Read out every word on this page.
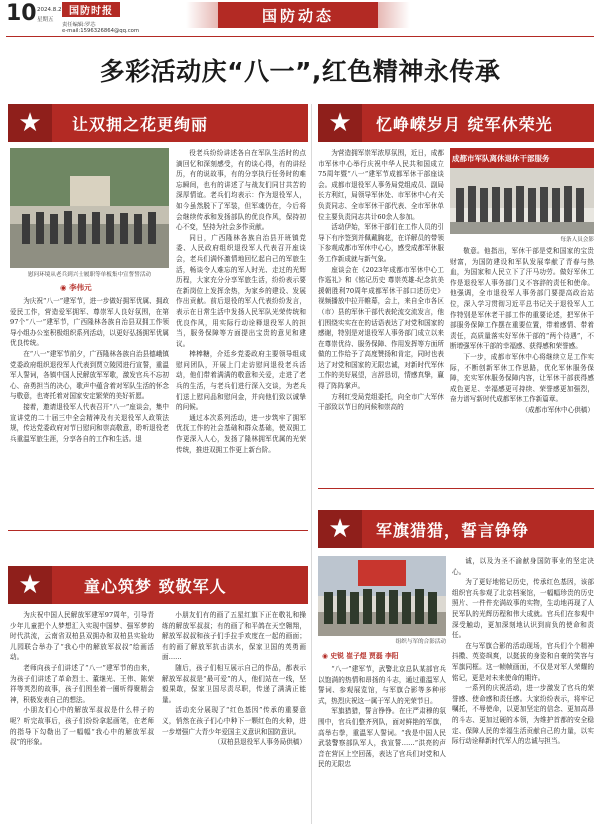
10 2024.8.2
星期五
国防时报
责任编辑:罗芯
e-mail:1596326864@qq.com
国防动态
多彩活动庆“八一”,红色精神永传承
★ 让双拥之花更绚丽
慰问环境从老兵到兴士履职等单板集中宣誓誓活动
◉ 李伟元

为庆祝“八一”建军节，进一步做好拥军优属、拥政爱民工作，营造爱军拥军、尊崇军人良好氛围，在第97个“八一”建军节，广西隆林各族自治县双拥工作领导小组办公室积极组织系列活动，以更好弘扬拥军优属优良传统。

在“八一”建军节前夕，广西隆林各族自治县德峨镇党委政府组织退役军人代表到贾立陵园进行宣誓，重温军人誓词，各镇中国人民解放军军歌，激发官兵不忘初心、奋勇担当的决心，歌声中蕴含着对军队生活的怀念与敬意，也寄托着对国家安定繁荣的美好祈愿。

接着，邀请退役军人代表召开“八一”座谈会，集中宣讲党的二十届三中全会精神及有关退役军人政策法规，传达党委政府对节日慰问和崇高敬意，聆听退役老兵重温军旅生涯，分享各自的工作和生活。退

役老兵纷纷讲述各自在军队生活时的点滴回忆和深刻感受，有的谈心得，有的讲经历，有的说故事，有的分享执行任务时的难忘瞬间，也有的讲述了与战友们同甘共苦的深厚情谊。老兵们均表示：作为退役军人，如今虽然脱下了军装，但军魂仍在，今后将会继续传承和发扬部队的优良作风，保持初心不变，坚持为社会多作贡献。

同日，广西隆林各族自治县开班镇党委、人民政府组织退役军人代表召开座谈会，老兵们满怀激情地回忆起自己的军旅生活，畅谈令人难忘的军人时光、走过的光辉历程，大家充分分享军旅生活，纷纷表示要在新岗位上发挥余热，为家乡的建设、发展作出贡献。前后退役的军人代表纷纷发言，表示在日常生活中发扬人民军队光荣传统和优良作风，用实际行动诠释退役军人的担当，服务保障等方面提出宝贵的意见和建议。

棒棒糖，介廷乡党委政府主要领导组成慰问团队，开展上门走访慰问退役老兵活动，他们带着满满的敬意和关爱，走进了老兵的生活，与老兵们进行深入交谈，为老兵们送上慰问品和慰问金，并向他们致以诚挚的问候。

通过本次系列活动，进一步筑牢了拥军优抚工作的社会基础和群众基础，使双拥工作更深入人心，发扬了隆林拥军优属的光荣传统，推进双拥工作更上新台阶。

★ 忆峥嵘岁月 绽军休荣光
成都市军队离休退休干部服务
每条人员会影

为营造拥军崇军浓厚氛围，近日，成都市军休中心举行庆祝中华人民共和国成立75周年暨“八一”建军节成都军休干部座谈会。成都市退役军人事务局党组成员、副局长方利红，局领导军休处、市军休中心有关负责同志、全市军休干部代表、全市军休单位主要负责同志共计60余人参加。

活动伊始，军休干部们在工作人员的引导下有序签到并佩戴胸花，在详解员的带领下参观成都市军休中心心，感受成都军休服务工作新成就与新气象。

座谈会在《2023年成都市军休中心工作巡礼》和《铭记历史 尊崇英雄-纪念抗美援朝胜利70周年成都军休干部口述历史》视频播放中拉开帷幕，会上，来自全市各区（市）县的军休干部代表轮流交流发言，他们围绕实实在在的话语表达了对党和国家的感谢，特别是对退役军人事务部门成立以来在尊崇优待、服务保障、作用发挥等方面所做的工作给予了高度赞扬和肯定，同时也表达了对党和国家的无限忠诚，对新时代军休工作的美好展望，言辞恳切，情感真挚，赢得了阵阵掌声。

方利红受局党组委托，向全市广大军休干部致以节日的问候和崇高的

敬意。他指出，军休干部是党和国家的宝贵财富，为国防建设和军队发展奉献了青春与热血，为国家和人民立下了汗马功劳。做好军休工作是退役军人事务部门义不容辞的责任和使命。他强调，全市退役军人事务部门要提高政治站位，深入学习贯彻习近平总书记关于退役军人工作特别是军休老干部工作的重要论述，把军休干部服务保障工作摆在重要位置，带着感情、带着责任，高质量落实好军休干部的“两个待遇”，不断增强军休干部的幸福感、获得感和荣誉感。

下一步，成都市军休中心将继续立足工作实际，不断创新军休工作思路，优化军休服务保障，充实军休服务保障内容，让军休干部获得感成色更足、幸福感更可持续、荣誉感更加强烈，奋力谱写新时代成都军休工作新篇章。

（成都市军休中心供稿）

★	童心筑梦 致敬军人

为庆祝中国人民解放军建军97周年，引导青少年儿童把个人梦想汇入实现中国梦、强军梦的时代洪流，云南省双柏县双拥办和双柏县实验幼儿园联合举办了“我心中的解放军叔叔”绘画活动。

老师向孩子们讲述了“八一”建军节的由来，为孩子们讲述了革命烈士、董继光、王伟、陈荣祥等英烈的故事，孩子们围坐着一圈听得聚精会神，积极发表自己的想法。

小朋友们心中的解放军叔叔是什么样子的呢？听完故事后，孩子们纷纷拿起画笔，在老师的指导下勾勒出了一幅幅“我心中的解放军叔叔”的形象。

小朋友们有的画了五星红旗下正在敬礼和操练的解放军叔叔；有的画了和平鸽在天空翱翔，解放军叔叔和孩子们手拉手欢度在一起的画面；有的画了解放军抗击洪水，保家卫国的英勇画面……

随后，孩子们相互展示自己的作品，都表示解放军叔叔是“最可爱”的人，他们站在一线，坚毅果敢，保家卫国尽责尽职，传递了满满正能量。

活动充分展现了“红色基因”传承的重要意义，悄然在孩子们心中种下一颗红色的火种，进一步增强广大青少年爱国主义意识和国防意识。

（双柏县退役军人事务局供稿）

★ 军旗猎猎，誓言铮铮
组织与军的合影活动
◉ 史锐 崔子煜 贾磊 李阳

“八一”建军节，武警北京总队某部官兵以饱满的热情和昂扬的斗志，通过重温军人誓词、参观展览馆，与军旗合影等多种形式，热烈庆祝这一属于军人的光荣节日。

军旗猎猎，誓言铮铮。在庄严肃穆的氛围中，官兵们整齐列队，面对鲜艳的军旗，高举右拳，重温军人誓词。“我是中国人民武装警察部队军人，我宣誓……”洪亮的声音在营区上空回荡，表达了官兵们对党和人民的无限忠

诚，以及为圣不渝献身国防事业的坚定决心。

为了更好地铭记历史，传承红色基因，该部组织官兵参观了北京档案馆，一幅幅珍贵的历史照片、一件件充满故事的实物，生动地再现了人民军队的光辉历程和伟大成就。官兵们在参观中深受触动，更加深刻地认识到肩负的使命和责任。

在与军旗合影的活动现场，官兵们个个精神抖擞、英姿飒爽，以挺拔的身姿和自豪的笑容与军旗同框。这一帧帧画面，不仅是对军人荣耀的铭记，更是对未来使命的期许。

一系列的庆祝活动，进一步激发了官兵的荣誉感、使命感和责任感。大家纷纷表示，将牢记嘱托，不辱使命，以更加坚定的信念、更加高昂的斗志、更加过硬的本领，为维护首都的安全稳定、保障人民的幸福生活贡献自己的力量，以实际行动诠释新时代军人的忠诚与担当。
